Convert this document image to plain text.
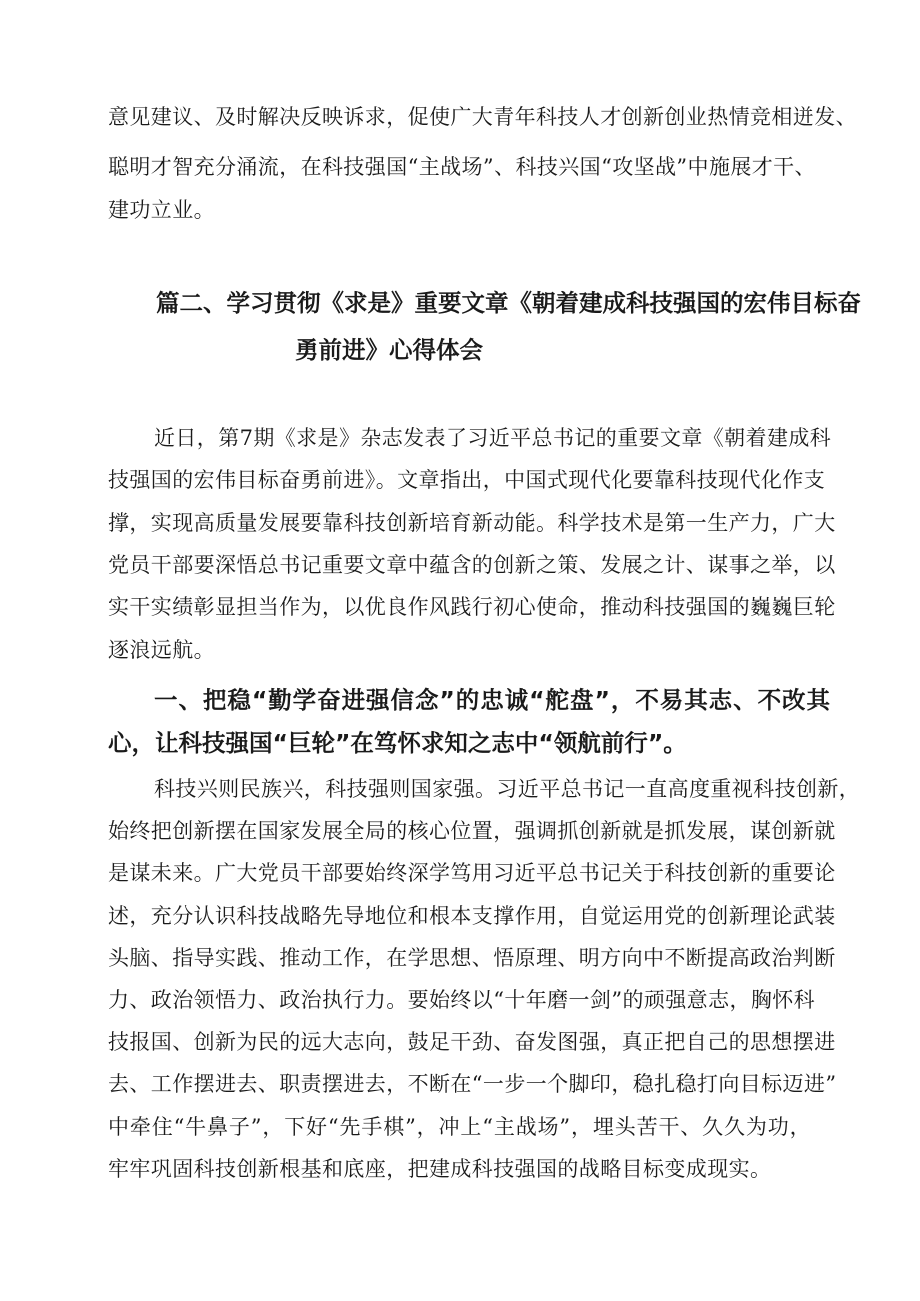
意见建议、及时解决反映诉求，促使广大青年科技人才创新创业热情竞相迸发、

聪明才智充分涌流，在科技强国“主战场”、科技兴国“攻坚战”中施展才干、

建功立业。

篇二、学习贯彻《求是》重要文章《朝着建成科技强国的宏伟目标奋

勇前进》心得体会

近日，第7期《求是》杂志发表了习近平总书记的重要文章《朝着建成科

技强国的宏伟目标奋勇前进》。文章指出，中国式现代化要靠科技现代化作支

撑，实现高质量发展要靠科技创新培育新动能。科学技术是第一生产力，广大

党员干部要深悟总书记重要文章中蕴含的创新之策、发展之计、谋事之举，以

实干实绩彰显担当作为，以优良作风践行初心使命，推动科技强国的巍巍巨轮

逐浪远航。

一、把稳“勤学奋进强信念”的忠诚“舵盘”，不易其志、不改其

心，让科技强国“巨轮”在笃怀求知之志中“领航前行”。

科技兴则民族兴，科技强则国家强。习近平总书记一直高度重视科技创新，

始终把创新摆在国家发展全局的核心位置，强调抓创新就是抓发展，谋创新就

是谋未来。广大党员干部要始终深学笃用习近平总书记关于科技创新的重要论

述，充分认识科技战略先导地位和根本支撑作用，自觉运用党的创新理论武装

头脑、指导实践、推动工作，在学思想、悟原理、明方向中不断提高政治判断

力、政治领悟力、政治执行力。要始终以“十年磨一剑”的顽强意志，胸怀科

技报国、创新为民的远大志向，鼓足干劲、奋发图强，真正把自己的思想摆进

去、工作摆进去、职责摆进去，不断在“一步一个脚印，稳扎稳打向目标迈进”

中牵住“牛鼻子”，下好“先手棋”，冲上“主战场”，埋头苦干、久久为功，

牢牢巩固科技创新根基和底座，把建成科技强国的战略目标变成现实。
